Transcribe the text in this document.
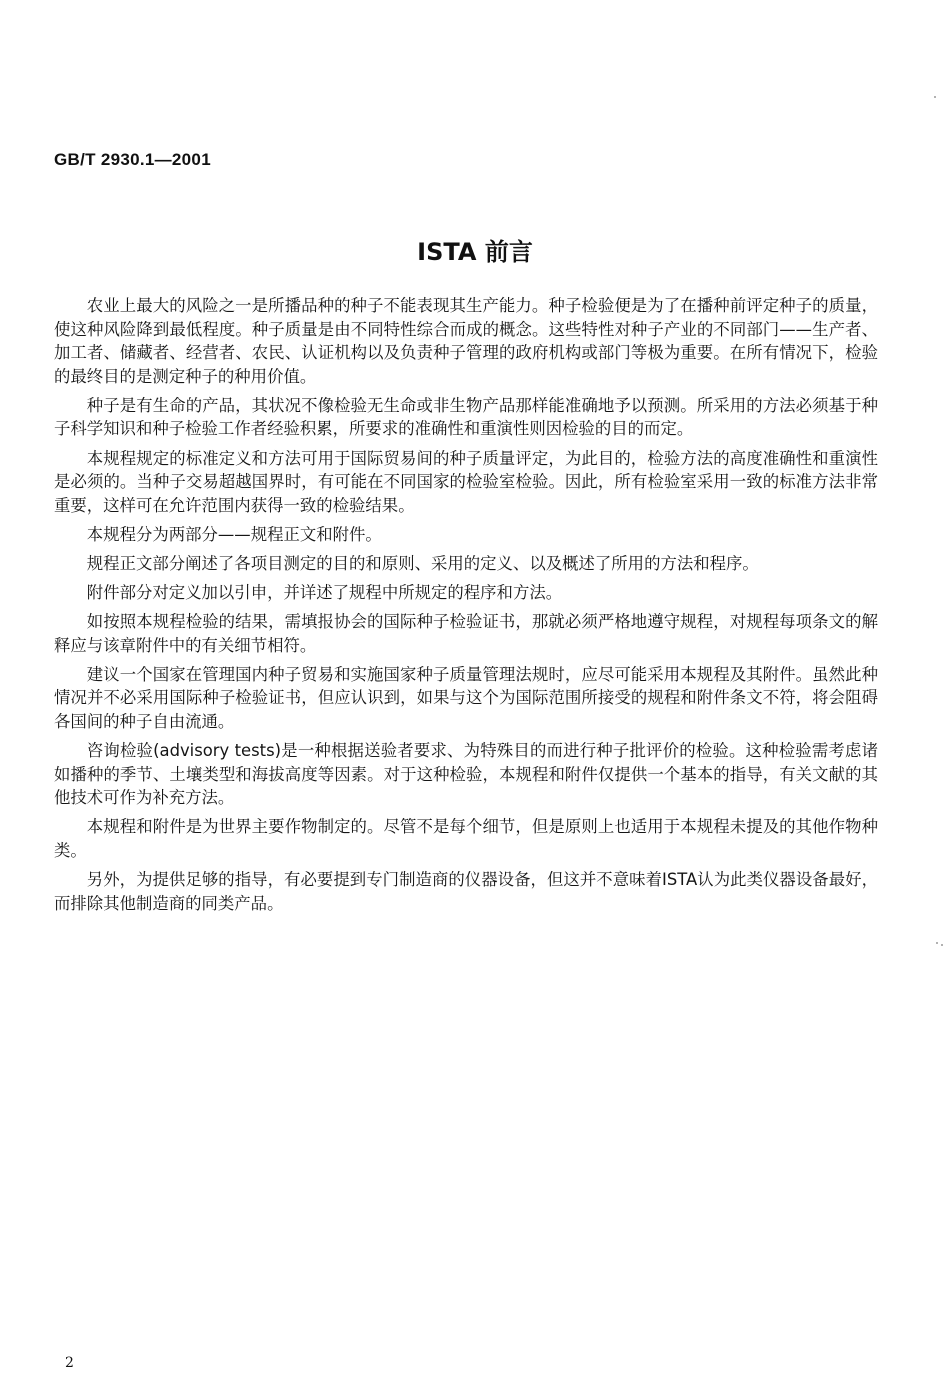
GB/T 2930.1—2001
ISTA 前言

农业上最大的风险之一是所播品种的种子不能表现其生产能力。种子检验便是为了在播种前评定种子的质量，使这种风险降到最低程度。种子质量是由不同特性综合而成的概念。这些特性对种子产业的不同部门——生产者、加工者、储藏者、经营者、农民、认证机构以及负责种子管理的政府机构或部门等极为重要。在所有情况下，检验的最终目的是测定种子的种用价值。

种子是有生命的产品，其状况不像检验无生命或非生物产品那样能准确地予以预测。所采用的方法必须基于种子科学知识和种子检验工作者经验积累，所要求的准确性和重演性则因检验的目的而定。

本规程规定的标准定义和方法可用于国际贸易间的种子质量评定，为此目的，检验方法的高度准确性和重演性是必须的。当种子交易超越国界时，有可能在不同国家的检验室检验。因此，所有检验室采用一致的标准方法非常重要，这样可在允许范围内获得一致的检验结果。

本规程分为两部分——规程正文和附件。

规程正文部分阐述了各项目测定的目的和原则、采用的定义、以及概述了所用的方法和程序。

附件部分对定义加以引申，并详述了规程中所规定的程序和方法。

如按照本规程检验的结果，需填报协会的国际种子检验证书，那就必须严格地遵守规程，对规程每项条文的解释应与该章附件中的有关细节相符。

建议一个国家在管理国内种子贸易和实施国家种子质量管理法规时，应尽可能采用本规程及其附件。虽然此种情况并不必采用国际种子检验证书，但应认识到，如果与这个为国际范围所接受的规程和附件条文不符，将会阻碍各国间的种子自由流通。

咨询检验(advisory tests)是一种根据送验者要求、为特殊目的而进行种子批评价的检验。这种检验需考虑诸如播种的季节、土壤类型和海拔高度等因素。对于这种检验，本规程和附件仅提供一个基本的指导，有关文献的其他技术可作为补充方法。

本规程和附件是为世界主要作物制定的。尽管不是每个细节，但是原则上也适用于本规程未提及的其他作物种类。

另外，为提供足够的指导，有必要提到专门制造商的仪器设备，但这并不意味着ISTA认为此类仪器设备最好，而排除其他制造商的同类产品。

2
